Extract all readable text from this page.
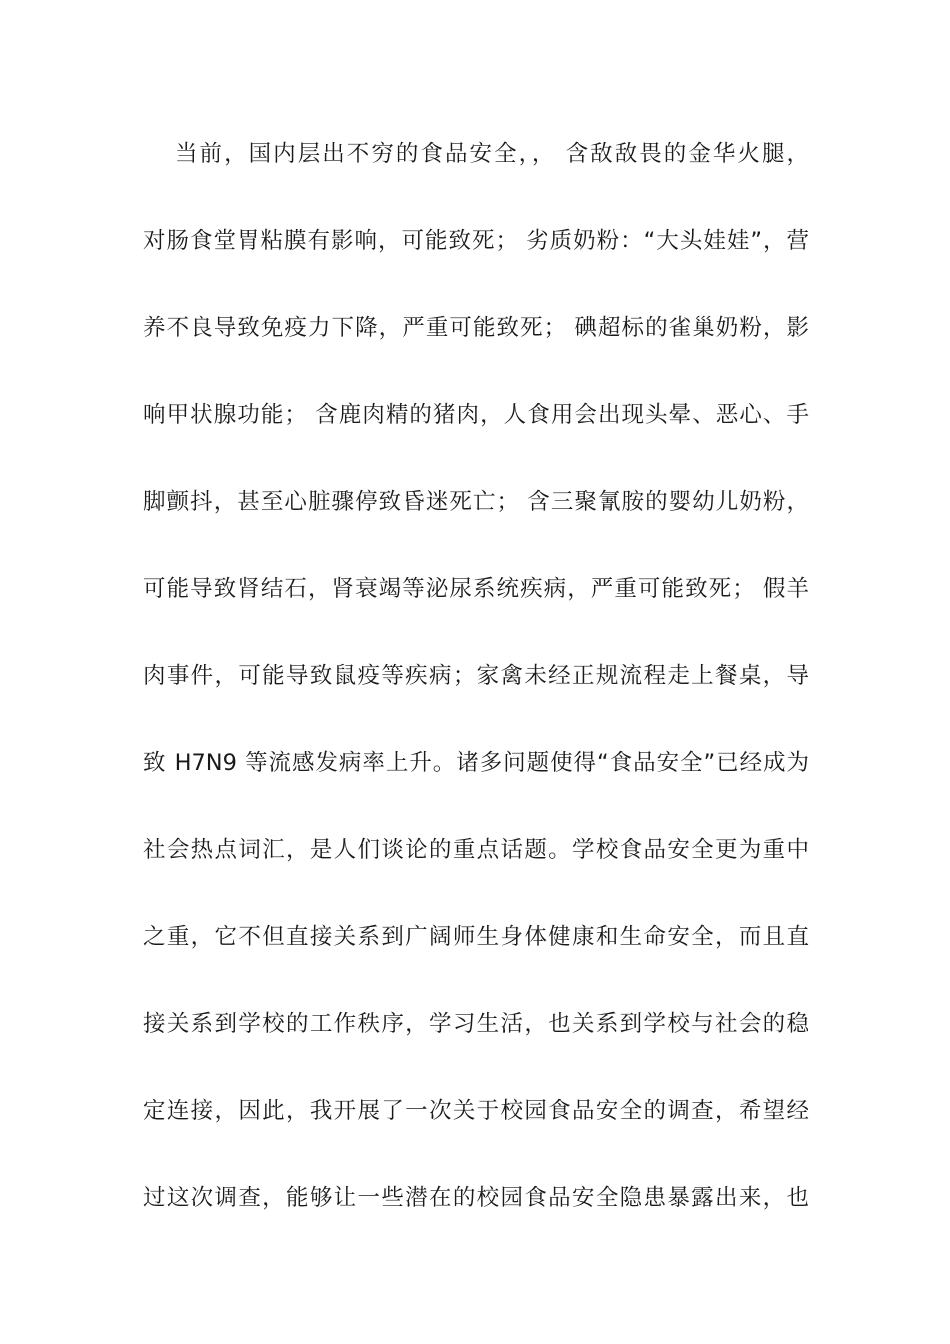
当前，国内层出不穷的食品安全，， 含敌敌畏的金华火腿，
对肠食堂胃粘膜有影响，可能致死； 劣质奶粉：“大头娃娃”，营
养不良导致免疫力下降，严重可能致死； 碘超标的雀巢奶粉，影
响甲状腺功能； 含鹿肉精的猪肉，人食用会出现头晕、恶心、手
脚颤抖，甚至心脏骤停致昏迷死亡； 含三聚氰胺的婴幼儿奶粉，
可能导致肾结石，肾衰竭等泌尿系统疾病，严重可能致死； 假羊
肉事件，可能导致鼠疫等疾病；家禽未经正规流程走上餐桌，导
致 H7N9 等流感发病率上升。诸多问题使得“食品安全”已经成为
社会热点词汇，是人们谈论的重点话题。学校食品安全更为重中
之重，它不但直接关系到广阔师生身体健康和生命安全，而且直
接关系到学校的工作秩序，学习生活，也关系到学校与社会的稳
定连接，因此，我开展了一次关于校园食品安全的调查，希望经
过这次调查，能够让一些潜在的校园食品安全隐患暴露出来，也
